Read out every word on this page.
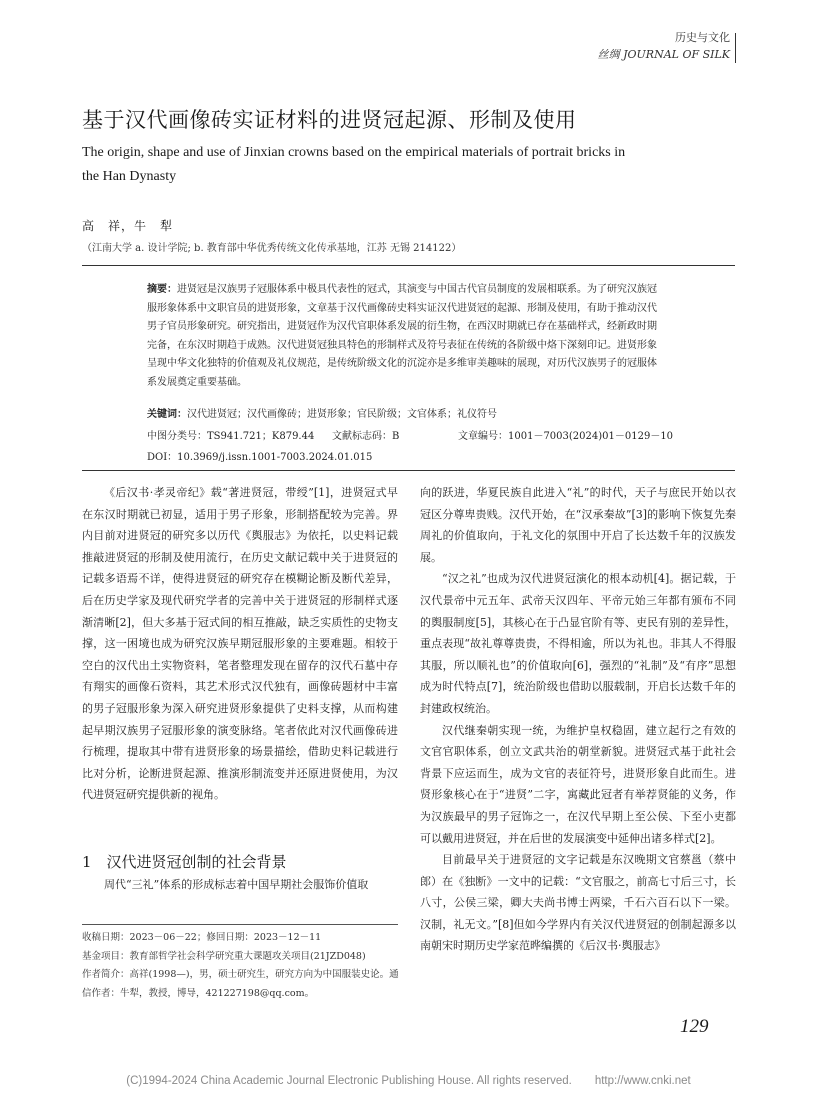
历史与文化
丝绸 JOURNAL OF SILK
基于汉代画像砖实证材料的进贤冠起源、形制及使用
The origin, shape and use of Jinxian crowns based on the empirical materials of portrait bricks in the Han Dynasty
高　祥，牛　犁
（江南大学 a. 设计学院; b. 教育部中华优秀传统文化传承基地，江苏 无锡 214122）
摘要：进贤冠是汉族男子冠服体系中极具代表性的冠式，其演变与中国古代官员制度的发展相联系。为了研究汉族冠服形象体系中文职官员的进贤形象，文章基于汉代画像砖史料实证汉代进贤冠的起源、形制及使用，有助于推动汉代男子官员形象研究。研究指出，进贤冠作为汉代官职体系发展的衍生物，在西汉时期就已存在基础样式，经新政时期完备，在东汉时期趋于成熟。汉代进贤冠独具特色的形制样式及符号表征在传统的各阶级中烙下深刻印记。进贤形象呈现中华文化独特的价值观及礼仪规范，是传统阶级文化的沉淀亦是多维审美趣味的展现，对历代汉族男子的冠服体系发展奠定重要基础。
关键词：汉代进贤冠；汉代画像砖；进贤形象；官民阶级；文官体系；礼仪符号
中图分类号：TS941.721；K879.44 文献标志码：B	文章编号：1001－7003(2024)01－0129－10
DOI：10.3969/j.issn.1001-7003.2024.01.015

《后汉书·孝灵帝纪》载“著进贤冠，带绶”[1]，进贤冠式早在东汉时期就已初显，适用于男子形象，形制搭配较为完善。界内目前对进贤冠的研究多以历代《舆服志》为依托，以史料记载推敲进贤冠的形制及使用流行，在历史文献记载中关于进贤冠的记载多语焉不详，使得进贤冠的研究存在模糊论断及断代差异，后在历史学家及现代研究学者的完善中关于进贤冠的形制样式逐渐清晰[2]，但大多基于冠式间的相互推敲，缺乏实质性的史物支撑，这一困境也成为研究汉族早期冠服形象的主要难题。相较于空白的汉代出土实物资料，笔者整理发现在留存的汉代石墓中存有翔实的画像石资料，其艺术形式汉代独有，画像砖题材中丰富的男子冠服形象为深入研究进贤形象提供了史料支撑，从而构建起早期汉族男子冠服形象的演变脉络。笔者依此对汉代画像砖进行梳理，提取其中带有进贤形象的场景描绘，借助史料记载进行比对分析，论断进贤起源、推演形制流变并还原进贤使用，为汉代进贤冠研究提供新的视角。

1　汉代进贤冠创制的社会背景

周代“三礼”体系的形成标志着中国早期社会服饰价值取

向的跃进，华夏民族自此进入“礼”的时代，天子与庶民开始以衣冠区分尊卑贵贱。汉代开始，在“汉承秦故”[3]的影响下恢复先秦周礼的价值取向，于礼文化的氛围中开启了长达数千年的汉族发展。

“汉之礼”也成为汉代进贤冠演化的根本动机[4]。据记载，于汉代景帝中元五年、武帝天汉四年、平帝元始三年都有颁布不同的舆服制度[5]，其核心在于凸显官阶有等、吏民有别的差异性，重点表现“故礼尊尊贵贵，不得相逾，所以为礼也。非其人不得服其服，所以顺礼也”的价值取向[6]，强烈的“礼制”及“有序”思想成为时代特点[7]，统治阶级也借助以服载制，开启长达数千年的封建政权统治。

汉代继秦朝实现一统，为维护皇权稳固，建立起行之有效的文官官职体系，创立文武共治的朝堂新貌。进贤冠式基于此社会背景下应运而生，成为文官的表征符号，进贤形象自此而生。进贤形象核心在于“进贤”二字，寓藏此冠者有举荐贤能的义务，作为汉族最早的男子冠饰之一，在汉代早期上至公侯、下至小吏都可以戴用进贤冠，并在后世的发展演变中延伸出诸多样式[2]。

目前最早关于进贤冠的文字记载是东汉晚期文官蔡邕（蔡中郎）在《独断》一文中的记载：“文官服之，前高七寸后三寸，长八寸，公侯三梁，卿大夫尚书博士两梁，千石六百石以下一梁。汉制，礼无文。”[8]但如今学界内有关汉代进贤冠的创制起源多以南朝宋时期历史学家范晔编撰的《后汉书·舆服志》

收稿日期：2023－06－22；修回日期：2023－12－11
基金项目：教育部哲学社会科学研究重大课题攻关项目(21JZD048)
作者简介：高祥(1998—)，男，硕士研究生，研究方向为中国服装史论。通信作者：牛犁，教授，博导，421227198@qq.com。
129
(C)1994-2024 China Academic Journal Electronic Publishing House. All rights reserved.　　http://www.cnki.net
